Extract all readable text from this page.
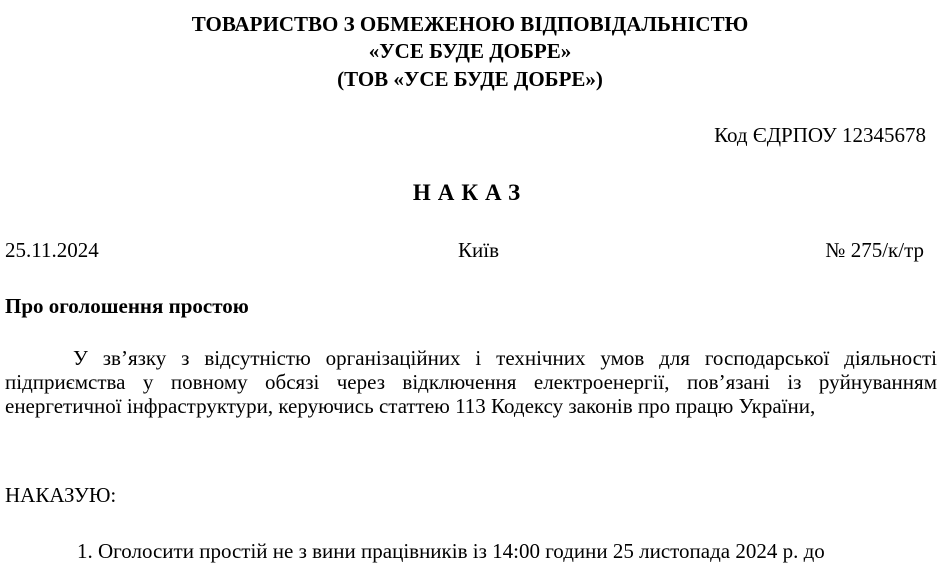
ТОВАРИСТВО З ОБМЕЖЕНОЮ ВІДПОВІДАЛЬНІСТЮ
«УСЕ БУДЕ ДОБРЕ»
(ТОВ «УСЕ БУДЕ ДОБРЕ»)
Код ЄДРПОУ 12345678
НАКАЗ
25.11.2024	Київ	№ 275/к/тр
Про оголошення простою
У зв’язку з відсутністю організаційних і технічних умов для господарської діяльності підприємства у повному обсязі через відключення електроенергії, пов’язані із руйнуванням енергетичної інфраструктури, керуючись статтею 113 Кодексу законів про працю України,
НАКАЗУЮ:
1. Оголосити простій не з вини працівників із 14:00 години 25 листопада 2024 р. до
